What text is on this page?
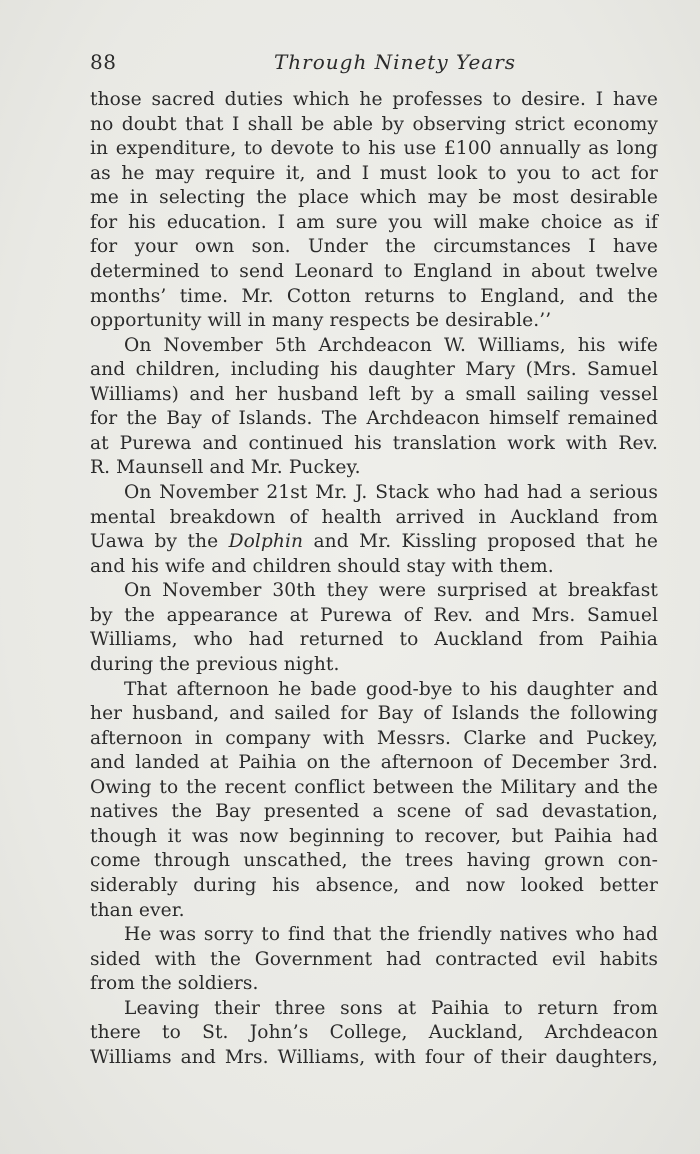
88	Through Ninety Years
those sacred duties which he professes to desire. I have
no doubt that I shall be able by observing strict economy
in expenditure, to devote to his use £100 annually as long
as he may require it, and I must look to you to act for
me in selecting the place which may be most desirable
for his education. I am sure you will make choice as if
for your own son. Under the circumstances I have
determined to send Leonard to England in about twelve
months’ time. Mr. Cotton returns to England, and the
opportunity will in many respects be desirable.’’
On November 5th Archdeacon W. Williams, his wife
and children, including his daughter Mary (Mrs. Samuel
Williams) and her husband left by a small sailing vessel
for the Bay of Islands. The Archdeacon himself remained
at Purewa and continued his translation work with Rev.
R. Maunsell and Mr. Puckey.
On November 21st Mr. J. Stack who had had a serious
mental breakdown of health arrived in Auckland from
Uawa by the Dolphin and Mr. Kissling proposed that he
and his wife and children should stay with them.
On November 30th they were surprised at breakfast
by the appearance at Purewa of Rev. and Mrs. Samuel
Williams, who had returned to Auckland from Paihia
during the previous night.
That afternoon he bade good-bye to his daughter and
her husband, and sailed for Bay of Islands the following
afternoon in company with Messrs. Clarke and Puckey,
and landed at Paihia on the afternoon of December 3rd.
Owing to the recent conflict between the Military and the
natives the Bay presented a scene of sad devastation,
though it was now beginning to recover, but Paihia had
come through unscathed, the trees having grown con-
siderably during his absence, and now looked better
than ever.
He was sorry to find that the friendly natives who had
sided with the Government had contracted evil habits
from the soldiers.
Leaving their three sons at Paihia to return from
there to St. John’s College, Auckland, Archdeacon
Williams and Mrs. Williams, with four of their daughters,
